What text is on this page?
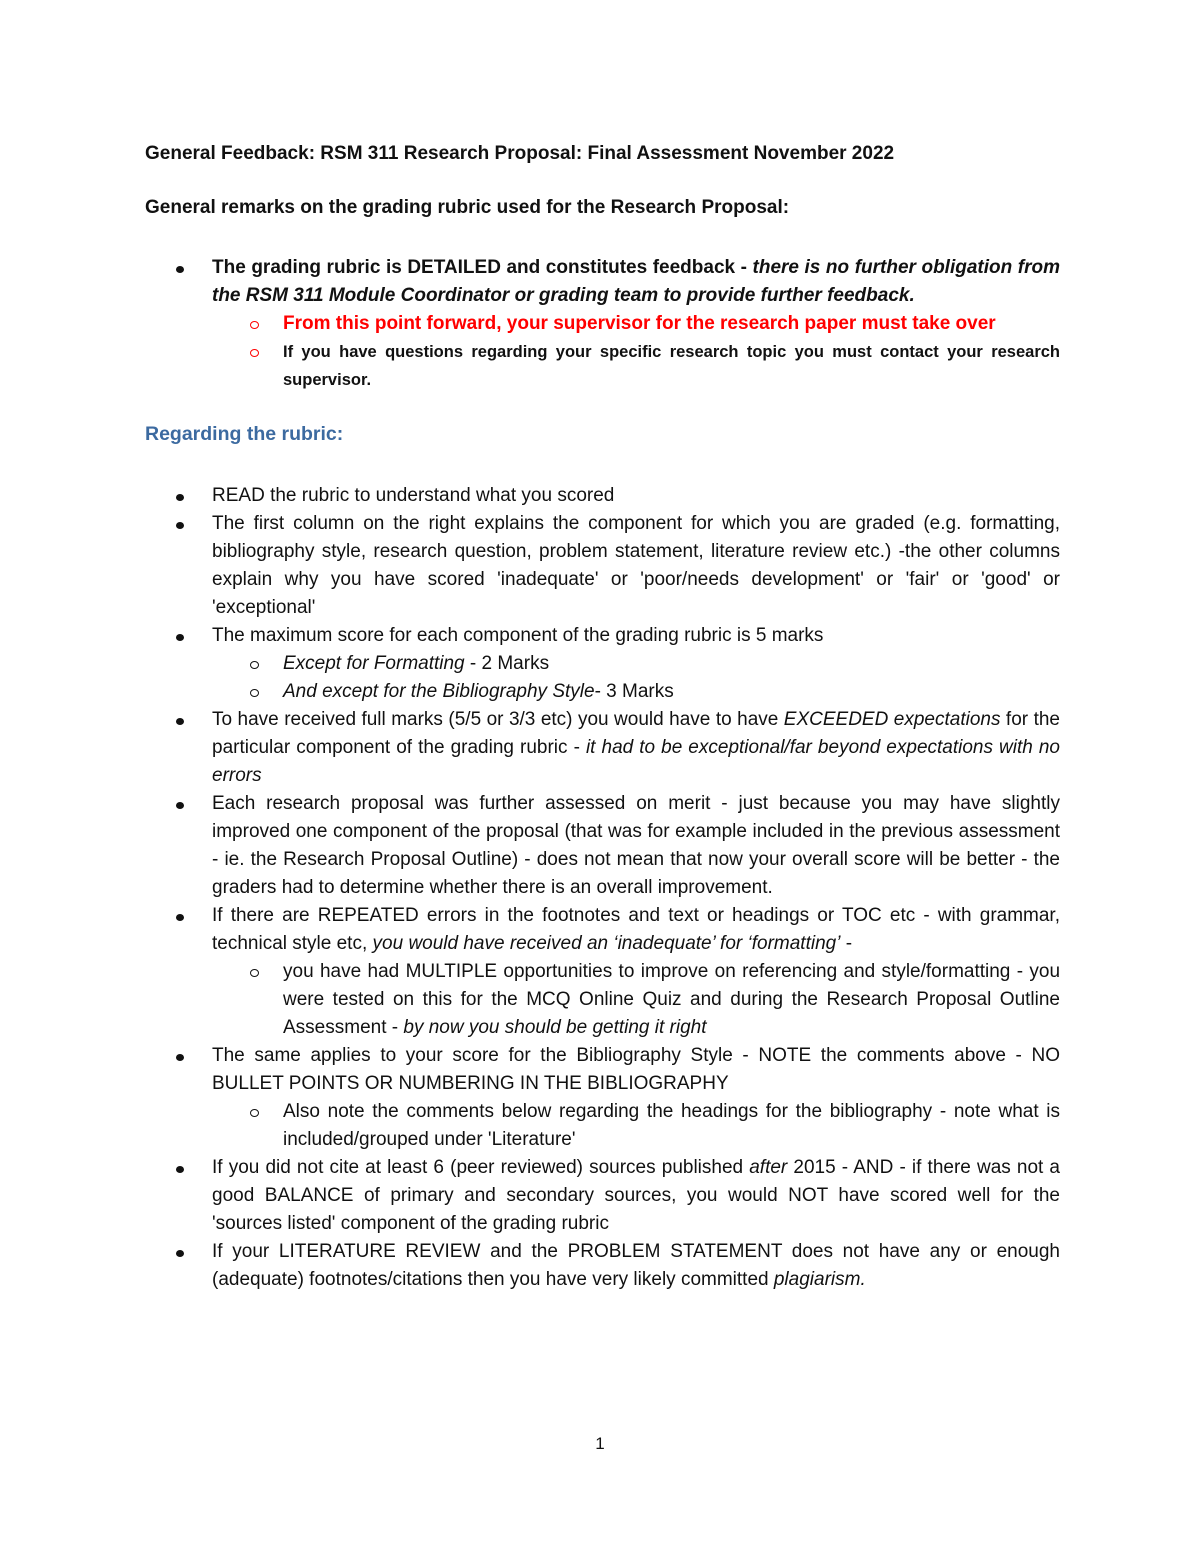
General Feedback: RSM 311 Research Proposal: Final Assessment November 2022

General remarks on the grading rubric used for the Research Proposal:

The grading rubric is DETAILED and constitutes feedback - there is no further obligation from the RSM 311 Module Coordinator or grading team to provide further feedback.
From this point forward, your supervisor for the research paper must take over
If you have questions regarding your specific research topic you must contact your research supervisor.

Regarding the rubric:

READ the rubric to understand what you scored
The first column on the right explains the component for which you are graded (e.g. formatting, bibliography style, research question, problem statement, literature review etc.) -the other columns explain why you have scored 'inadequate' or 'poor/needs development' or 'fair' or 'good' or 'exceptional'
The maximum score for each component of the grading rubric is 5 marks
Except for Formatting - 2 Marks
And except for the Bibliography Style- 3 Marks
To have received full marks (5/5 or 3/3 etc) you would have to have EXCEEDED expectations for the particular component of the grading rubric - it had to be exceptional/far beyond expectations with no errors
Each research proposal was further assessed on merit - just because you may have slightly improved one component of the proposal (that was for example included in the previous assessment - ie. the Research Proposal Outline) - does not mean that now your overall score will be better - the graders had to determine whether there is an overall improvement.
If there are REPEATED errors in the footnotes and text or headings or TOC etc - with grammar, technical style etc, you would have received an ‘inadequate’ for ‘formatting’ -
you have had MULTIPLE opportunities to improve on referencing and style/formatting - you were tested on this for the MCQ Online Quiz and during the Research Proposal Outline Assessment - by now you should be getting it right
The same applies to your score for the Bibliography Style - NOTE the comments above - NO BULLET POINTS OR NUMBERING IN THE BIBLIOGRAPHY
Also note the comments below regarding the headings for the bibliography - note what is included/grouped under 'Literature'
If you did not cite at least 6 (peer reviewed) sources published after 2015 - AND - if there was not a good BALANCE of primary and secondary sources, you would NOT have scored well for the 'sources listed' component of the grading rubric
If your LITERATURE REVIEW and the PROBLEM STATEMENT does not have any or enough (adequate) footnotes/citations then you have very likely committed plagiarism.
1
